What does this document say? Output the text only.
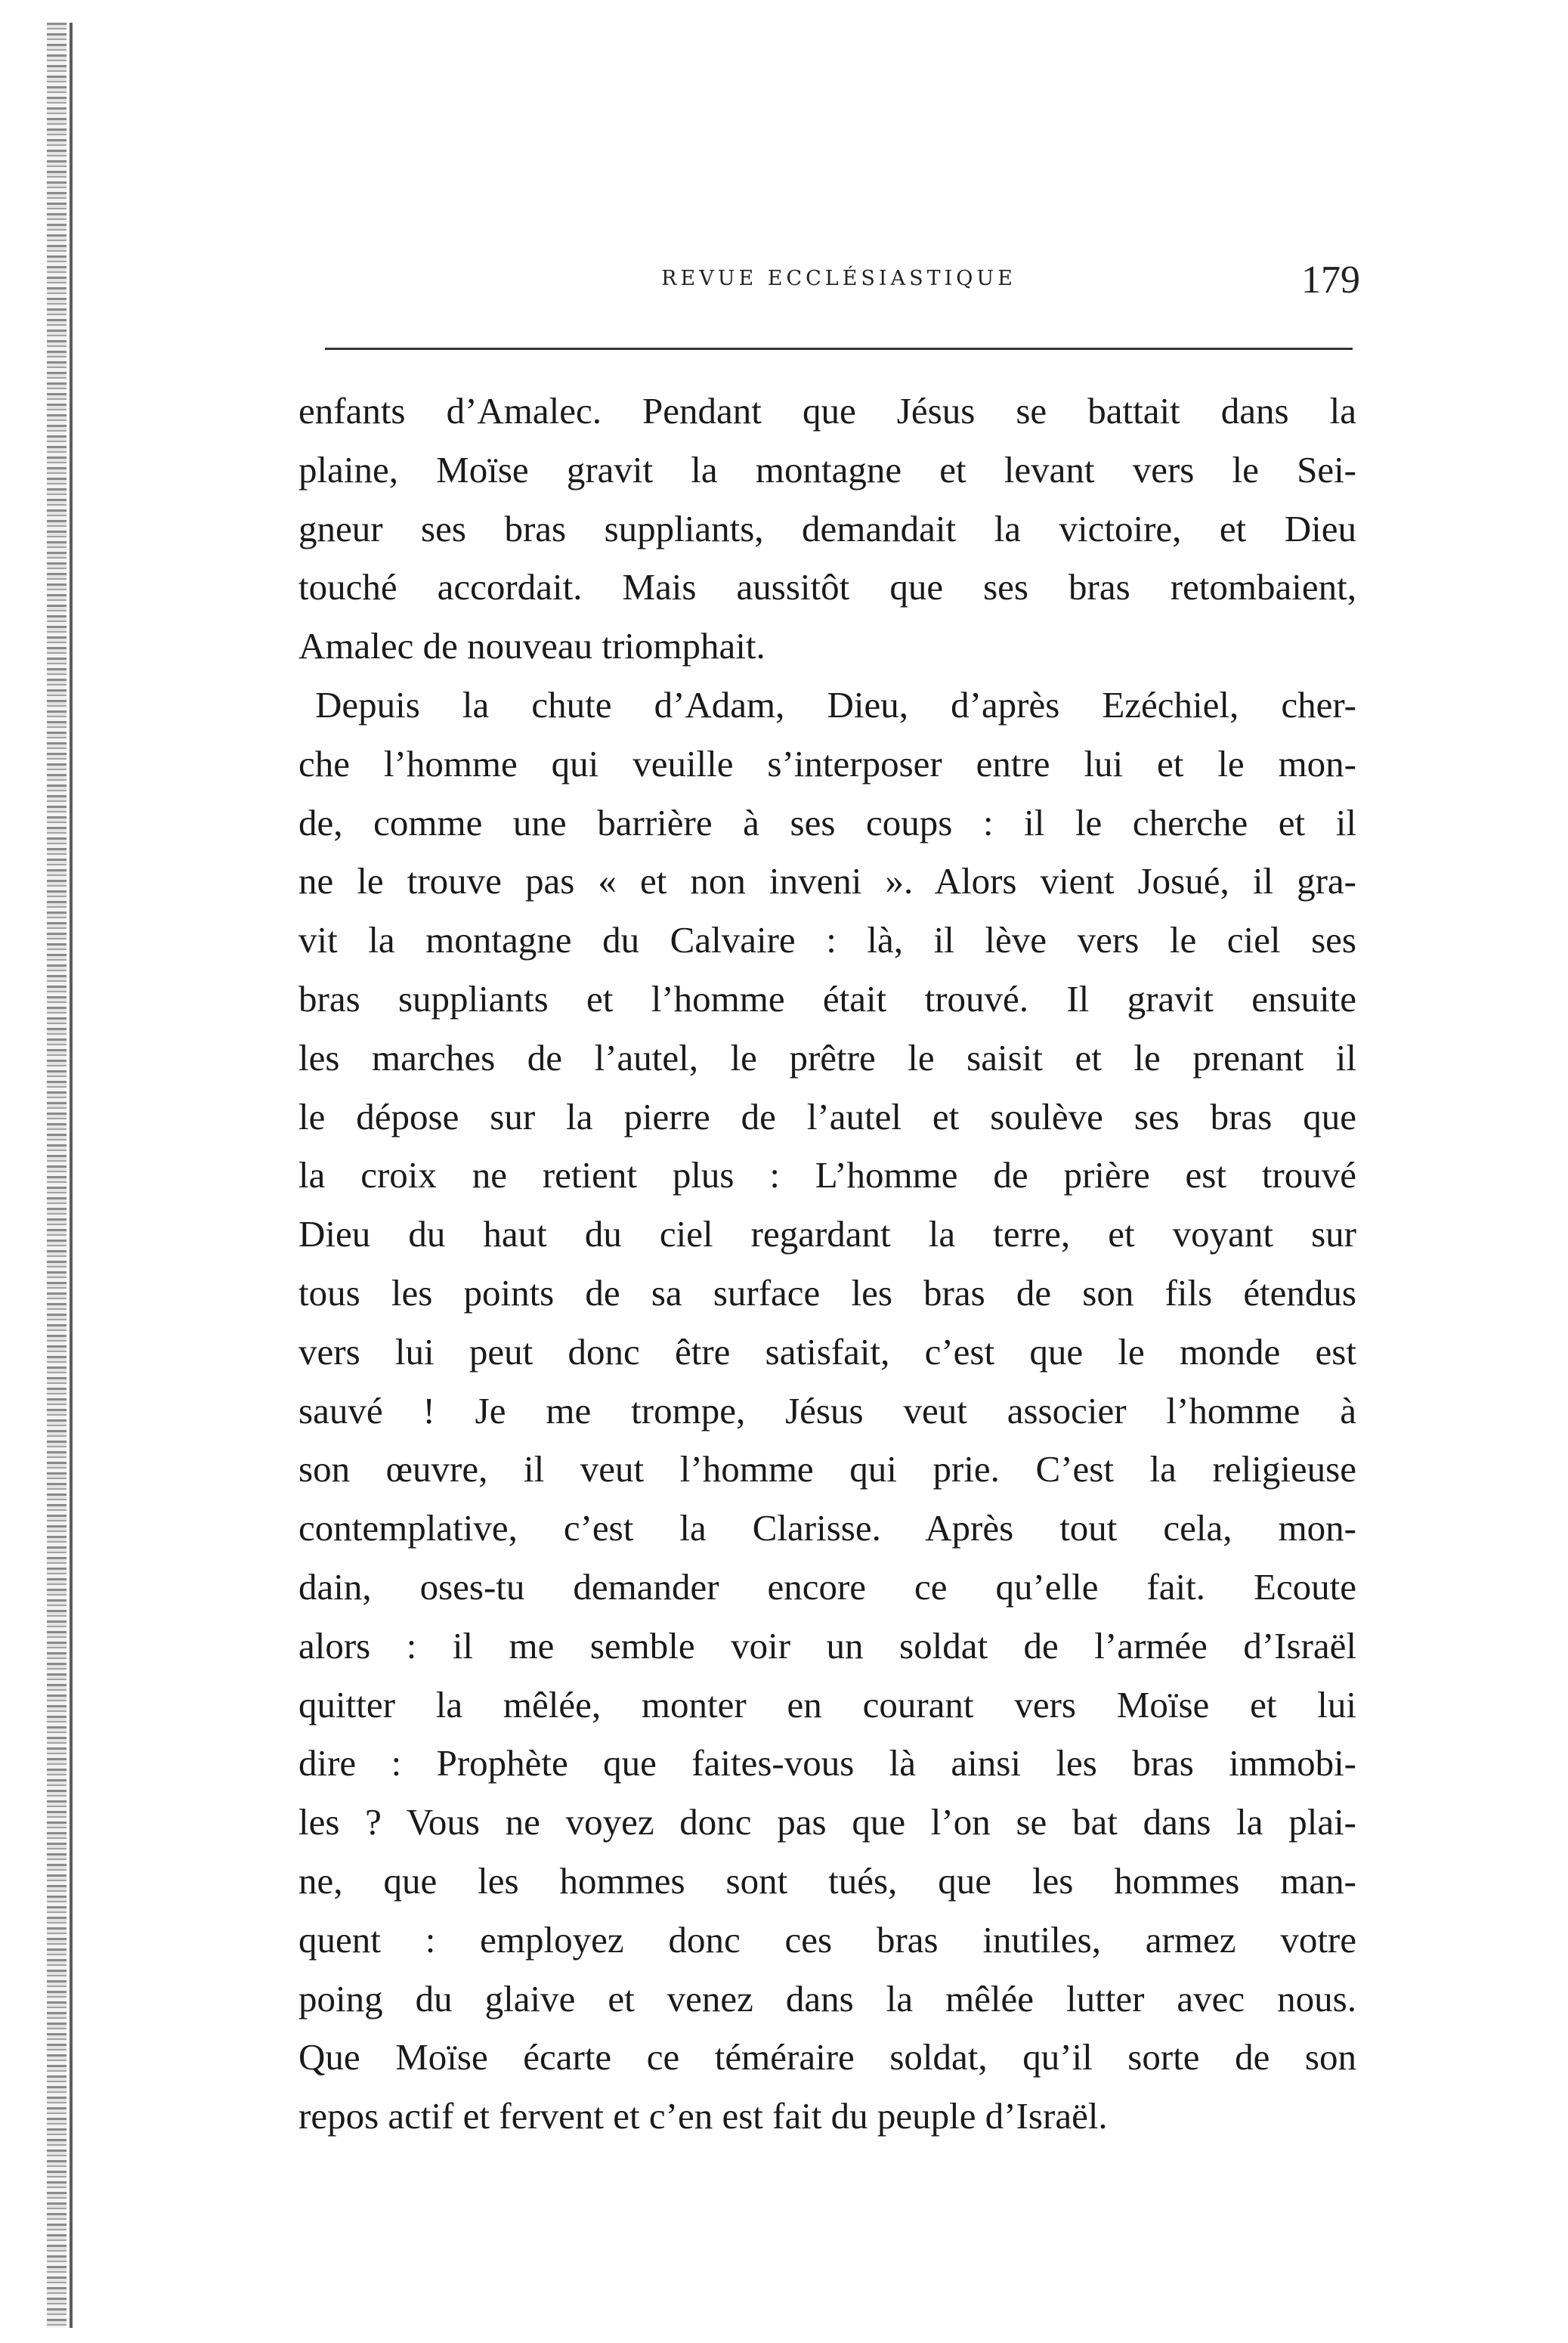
REVUE ECCLÉSIASTIQUE	179
enfants d’Amalec. Pendant que Jésus se battait dans la
plaine, Moïse gravit la montagne et levant vers le Sei-
gneur ses bras suppliants, demandait la victoire, et Dieu
touché accordait. Mais aussitôt que ses bras retombaient,
Amalec de nouveau triomphait.
Depuis la chute d’Adam, Dieu, d’après Ezéchiel, cher-
che l’homme qui veuille s’interposer entre lui et le mon-
de, comme une barrière à ses coups : il le cherche et il
ne le trouve pas « et non inveni ». Alors vient Josué, il gra-
vit la montagne du Calvaire : là, il lève vers le ciel ses
bras suppliants et l’homme était trouvé. Il gravit ensuite
les marches de l’autel, le prêtre le saisit et le prenant il
le dépose sur la pierre de l’autel et soulève ses bras que
la croix ne retient plus : L’homme de prière est trouvé
Dieu du haut du ciel regardant la terre, et voyant sur
tous les points de sa surface les bras de son fils étendus
vers lui peut donc être satisfait, c’est que le monde est
sauvé ! Je me trompe, Jésus veut associer l’homme à
son œuvre, il veut l’homme qui prie. C’est la religieuse
contemplative, c’est la Clarisse. Après tout cela, mon-
dain, oses-tu demander encore ce qu’elle fait. Ecoute
alors : il me semble voir un soldat de l’armée d’Israël
quitter la mêlée, monter en courant vers Moïse et lui
dire : Prophète que faites-vous là ainsi les bras immobi-
les ? Vous ne voyez donc pas que l’on se bat dans la plai-
ne, que les hommes sont tués, que les hommes man-
quent : employez donc ces bras inutiles, armez votre
poing du glaive et venez dans la mêlée lutter avec nous.
Que Moïse écarte ce téméraire soldat, qu’il sorte de son
repos actif et fervent et c’en est fait du peuple d’Israël.
